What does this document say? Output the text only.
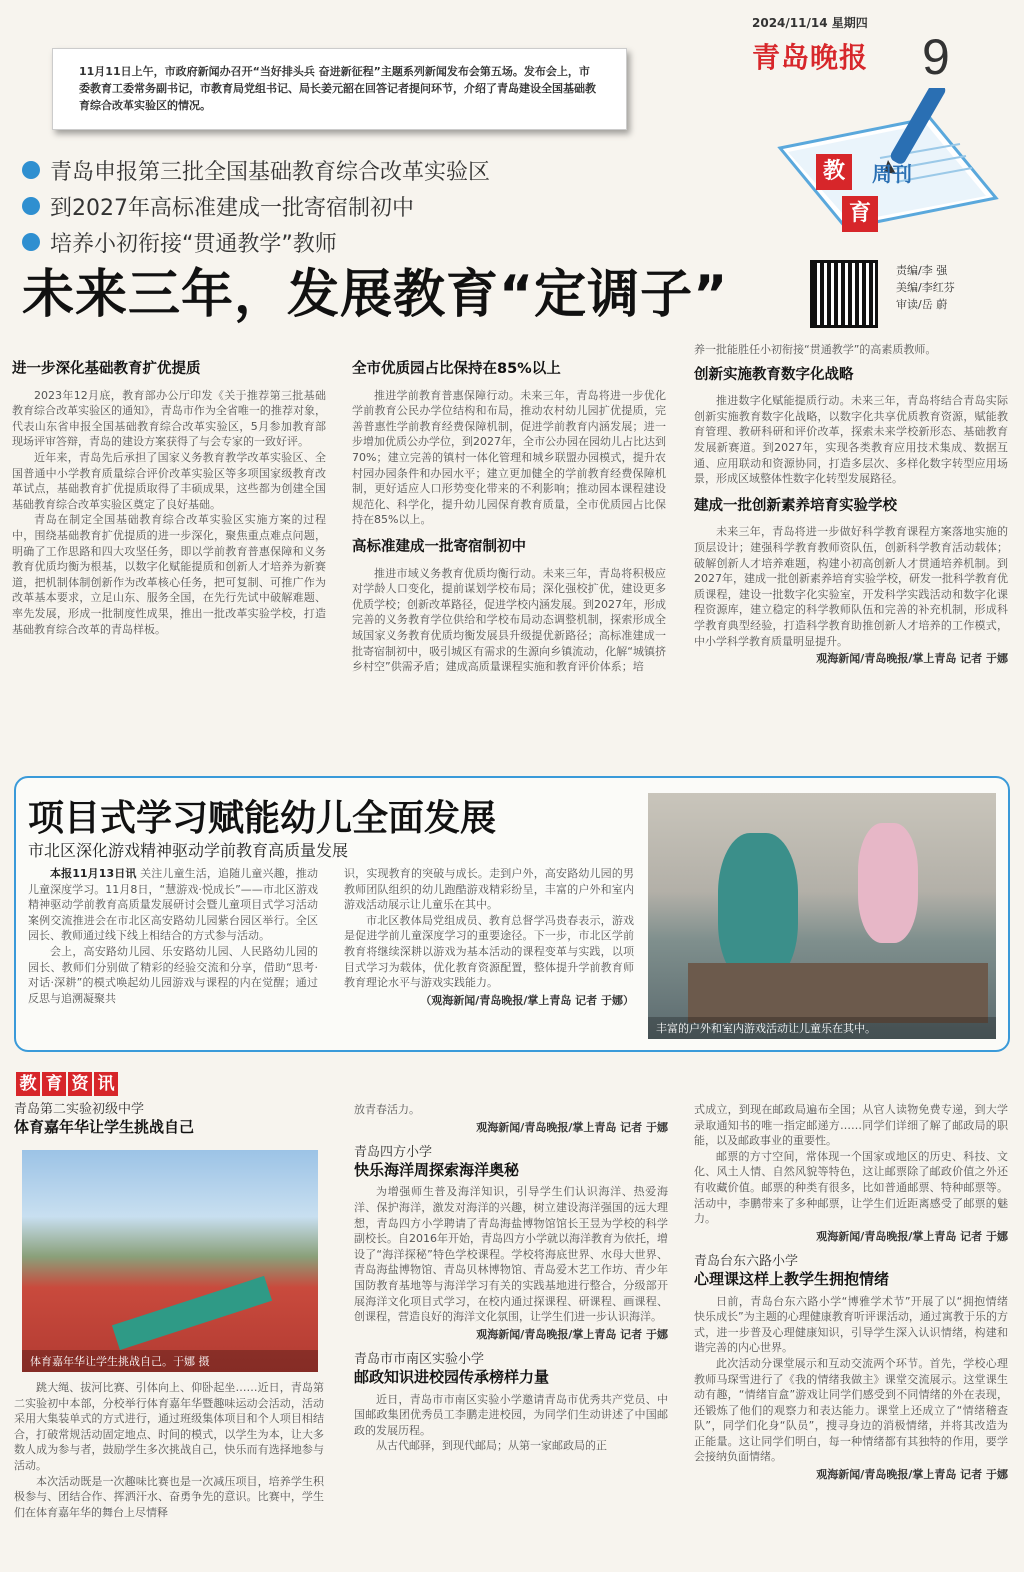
2024/11/14 星期四
青岛晚报 9
教
育
周刊
11月11日上午，市政府新闻办召开“当好排头兵 奋进新征程”主题系列新闻发布会第五场。发布会上，市委教育工委常务副书记，市教育局党组书记、局长姜元韶在回答记者提问环节，介绍了青岛建设全国基础教育综合改革实验区的情况。
青岛申报第三批全国基础教育综合改革实验区
到2027年高标准建成一批寄宿制初中
培养小初衔接“贯通教学”教师
未来三年，发展教育“定调子”	责编/李 强
美编/李红芬
审读/岳 蔚
进一步深化基础教育扩优提质

2023年12月底，教育部办公厅印发《关于推荐第三批基础教育综合改革实验区的通知》，青岛市作为全省唯一的推荐对象，代表山东省申报全国基础教育综合改革实验区，5月参加教育部现场评审答辩，青岛的建设方案获得了与会专家的一致好评。

近年来，青岛先后承担了国家义务教育教学改革实验区、全国普通中小学教育质量综合评价改革实验区等多项国家级教育改革试点，基础教育扩优提质取得了丰硕成果，这些都为创建全国基础教育综合改革实验区奠定了良好基础。

青岛在制定全国基础教育综合改革实验区实施方案的过程中，围绕基础教育扩优提质的进一步深化，聚焦重点难点问题，明确了工作思路和四大攻坚任务，即以学前教育普惠保障和义务教育优质均衡为根基，以数字化赋能提质和创新人才培养为新赛道，把机制体制创新作为改革核心任务，把可复制、可推广作为改革基本要求，立足山东、服务全国，在先行先试中破解难题、率先发展，形成一批制度性成果，推出一批改革实验学校，打造基础教育综合改革的青岛样板。

全市优质园占比保持在85%以上

推进学前教育普惠保障行动。未来三年，青岛将进一步优化学前教育公民办学位结构和布局，推动农村幼儿园扩优提质，完善普惠性学前教育经费保障机制，促进学前教育内涵发展；进一步增加优质公办学位，到2027年，全市公办园在园幼儿占比达到70%；建立完善的镇村一体化管理和城乡联盟办园模式，提升农村园办园条件和办园水平；建立更加健全的学前教育经费保障机制，更好适应人口形势变化带来的不利影响；推动园本课程建设规范化、科学化，提升幼儿园保育教育质量，全市优质园占比保持在85%以上。

高标准建成一批寄宿制初中

推进市域义务教育优质均衡行动。未来三年，青岛将积极应对学龄人口变化，提前谋划学校布局；深化强校扩优，建设更多优质学校；创新改革路径，促进学校内涵发展。到2027年，形成完善的义务教育学位供给和学校布局动态调整机制，探索形成全域国家义务教育优质均衡发展县升级提优新路径；高标准建成一批寄宿制初中，吸引城区有需求的生源向乡镇流动，化解“城镇挤乡村空”供需矛盾；建成高质量课程实施和教育评价体系；培

养一批能胜任小初衔接“贯通教学”的高素质教师。
创新实施教育数字化战略

推进数字化赋能提质行动。未来三年，青岛将结合青岛实际创新实施教育数字化战略，以数字化共享优质教育资源，赋能教育管理、教研科研和评价改革，探索未来学校新形态、基础教育发展新赛道。到2027年，实现各类教育应用技术集成、数据互通、应用联动和资源协同，打造多层次、多样化数字转型应用场景，形成区域整体性数字化转型发展路径。

建成一批创新素养培育实验学校

未来三年，青岛将进一步做好科学教育课程方案落地实施的顶层设计；建强科学教育教师资队伍，创新科学教育活动载体；破解创新人才培养难题，构建小初高创新人才贯通培养机制。到2027年，建成一批创新素养培育实验学校，研发一批科学教育优质课程，建设一批数字化实验室，开发科学实践活动和数字化课程资源库，建立稳定的科学教师队伍和完善的补充机制，形成科学教育典型经验，打造科学教育助推创新人才培养的工作模式，中小学科学教育质量明显提升。

观海新闻/青岛晚报/掌上青岛 记者 于娜
项目式学习赋能幼儿全面发展
市北区深化游戏精神驱动学前教育高质量发展

本报11月13日讯 关注儿童生活，追随儿童兴趣，推动儿童深度学习。11月8日，“慧游戏·悦成长”——市北区游戏精神驱动学前教育高质量发展研讨会暨儿童项目式学习活动案例交流推进会在市北区高安路幼儿园紫台园区举行。全区园长、教师通过线下线上相结合的方式参与活动。

会上，高安路幼儿园、乐安路幼儿园、人民路幼儿园的园长、教师们分别做了精彩的经验交流和分享，借助“思考·对话·深耕”的模式唤起幼儿园游戏与课程的内在觉醒；通过反思与追溯凝聚共

识，实现教育的突破与成长。走到户外，高安路幼儿园的男教师团队组织的幼儿跑酷游戏精彩纷呈，丰富的户外和室内游戏活动展示让儿童乐在其中。

市北区教体局党组成员、教育总督学冯贵春表示，游戏是促进学前儿童深度学习的重要途径。下一步，市北区学前教育将继续深耕以游戏为基本活动的课程变革与实践，以项目式学习为载体，优化教育资源配置，整体提升学前教育师教育理论水平与游戏实践能力。

（观海新闻/青岛晚报/掌上青岛 记者 于娜）
丰富的户外和室内游戏活动让儿童乐在其中。
教 育 资 讯
青岛第二实验初级中学
体育嘉年华让学生挑战自己
体育嘉年华让学生挑战自己。于娜 摄

跳大绳、拔河比赛、引体向上、仰卧起坐……近日，青岛第二实验初中本部，分校举行体育嘉年华暨趣味运动会活动，活动采用大集装单式的方式进行，通过班级集体项目和个人项目相结合，打破常规活动固定地点、时间的模式，以学生为本，让大多数人成为参与者，鼓励学生多次挑战自己，快乐而有选择地参与活动。

本次活动既是一次趣味比赛也是一次减压项目，培养学生积极参与、团结合作、挥洒汗水、奋勇争先的意识。比赛中，学生们在体育嘉年华的舞台上尽情释

放青春活力。
观海新闻/青岛晚报/掌上青岛 记者 于娜
青岛四方小学
快乐海洋周探索海洋奥秘

为增强师生普及海洋知识，引导学生们认识海洋、热爱海洋、保护海洋，激发对海洋的兴趣，树立建设海洋强国的远大理想，青岛四方小学聘请了青岛海盐博物馆馆长王昱为学校的科学副校长。自2016年开始，青岛四方小学就以海洋教育为依托，增设了“海洋探秘”特色学校课程。学校将海底世界、水母大世界、青岛海盐博物馆、青岛贝林博物馆、青岛爱木艺工作坊、青少年国防教育基地等与海洋学习有关的实践基地进行整合，分级部开展海洋文化项目式学习，在校内通过探课程、研课程、画课程、创课程，营造良好的海洋文化氛围，让学生们进一步认识海洋。

观海新闻/青岛晚报/掌上青岛 记者 于娜
青岛市市南区实验小学
邮政知识进校园传承榜样力量

近日，青岛市市南区实验小学邀请青岛市优秀共产党员、中国邮政集团优秀员工李鹏走进校园，为同学们生动讲述了中国邮政的发展历程。

从古代邮驿，到现代邮局；从第一家邮政局的正

式成立，到现在邮政局遍布全国；从官人读物免费专递，到大学录取通知书的唯一指定邮递方……同学们详细了解了邮政局的职能，以及邮政事业的重要性。

邮票的方寸空间，常体现一个国家或地区的历史、科技、文化、风土人情、自然风貌等特色，这让邮票除了邮政价值之外还有收藏价值。邮票的种类有很多，比如普通邮票、特种邮票等。活动中，李鹏带来了多种邮票，让学生们近距离感受了邮票的魅力。

观海新闻/青岛晚报/掌上青岛 记者 于娜
青岛台东六路小学
心理课这样上教学生拥抱情绪

日前，青岛台东六路小学“博雅学术节”开展了以“拥抱情绪 快乐成长”为主题的心理健康教育听评课活动，通过寓教于乐的方式，进一步普及心理健康知识，引导学生深入认识情绪，构建和谐完善的内心世界。

此次活动分课堂展示和互动交流两个环节。首先，学校心理教师马琛雪进行了《我的情绪我做主》课堂交流展示。这堂课生动有趣，“情绪盲盒”游戏让同学们感受到不同情绪的外在表现，还锻炼了他们的观察力和表达能力。课堂上还成立了“情绪稽查队”，同学们化身“队员”，搜寻身边的消极情绪，并将其改造为正能量。这让同学们明白，每一种情绪都有其独特的作用，要学会接纳负面情绪。

观海新闻/青岛晚报/掌上青岛 记者 于娜
